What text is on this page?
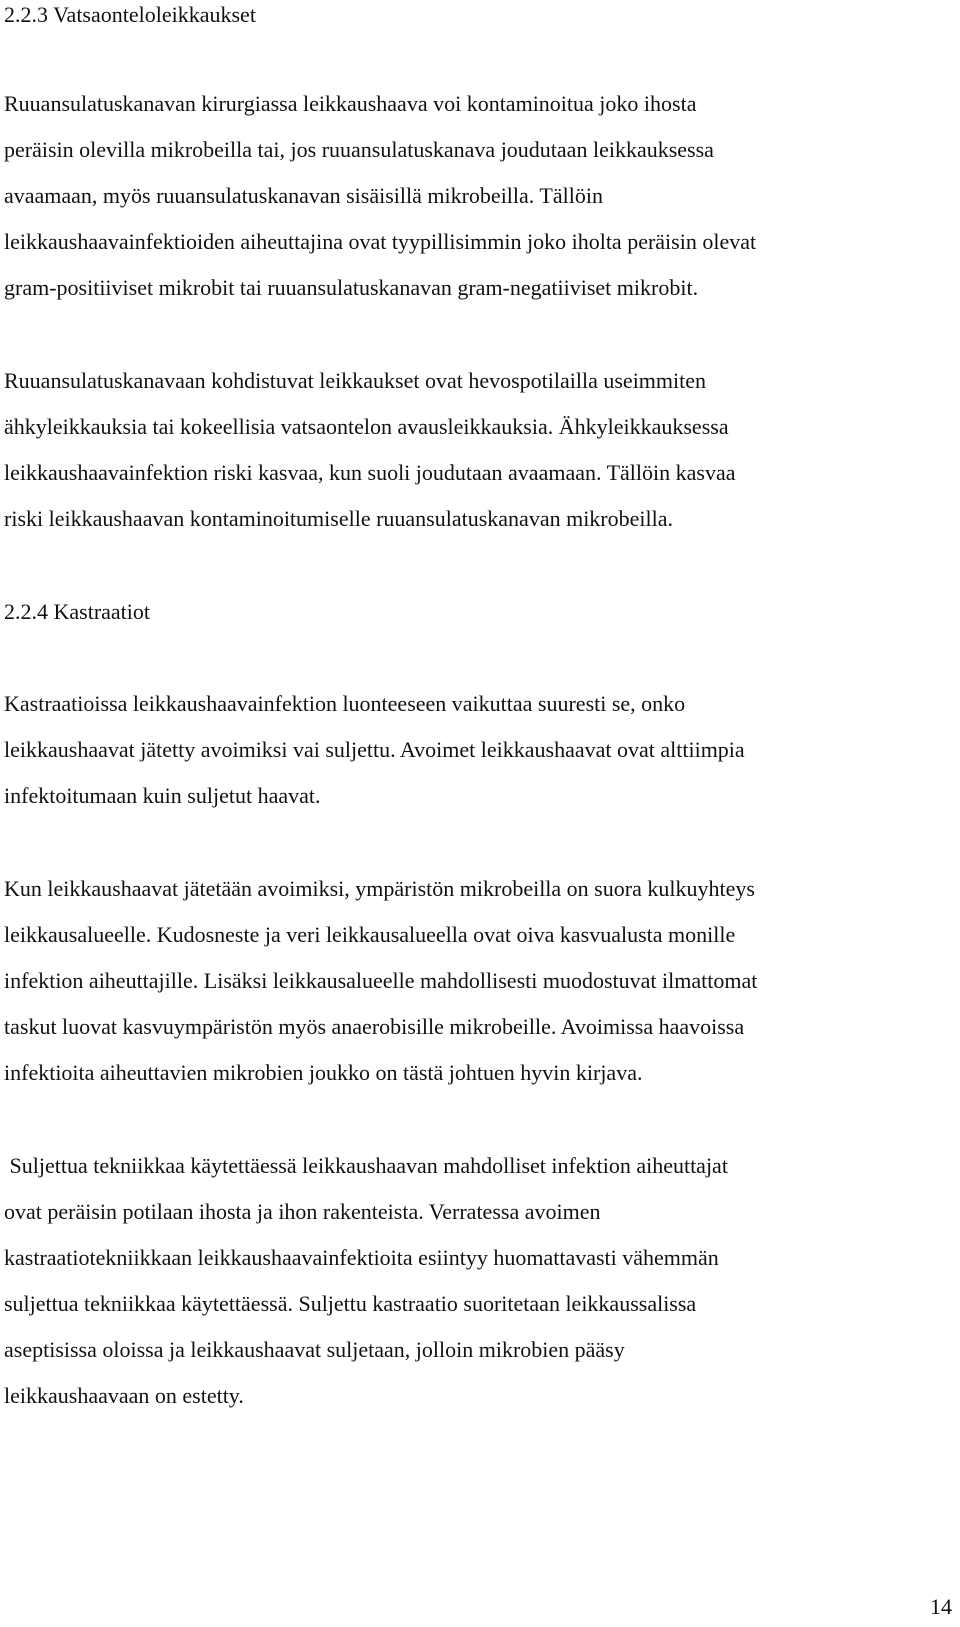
2.2.3 Vatsaonteloleikkaukset

Ruuansulatuskanavan kirurgiassa leikkaushaava voi kontaminoitua joko ihosta

peräisin olevilla mikrobeilla tai, jos ruuansulatuskanava joudutaan leikkauksessa

avaamaan, myös ruuansulatuskanavan sisäisillä mikrobeilla. Tällöin

leikkaushaavainfektioiden aiheuttajina ovat tyypillisimmin joko iholta peräisin olevat

gram-positiiviset mikrobit tai ruuansulatuskanavan gram-negatiiviset mikrobit.

Ruuansulatuskanavaan kohdistuvat leikkaukset ovat hevospotilailla useimmiten

ähkyleikkauksia tai kokeellisia vatsaontelon avausleikkauksia. Ähkyleikkauksessa

leikkaushaavainfektion riski kasvaa, kun suoli joudutaan avaamaan. Tällöin kasvaa

riski leikkaushaavan kontaminoitumiselle ruuansulatuskanavan mikrobeilla.

2.2.4 Kastraatiot

Kastraatioissa leikkaushaavainfektion luonteeseen vaikuttaa suuresti se, onko

leikkaushaavat jätetty avoimiksi vai suljettu. Avoimet leikkaushaavat ovat alttiimpia

infektoitumaan kuin suljetut haavat.

Kun leikkaushaavat jätetään avoimiksi, ympäristön mikrobeilla on suora kulkuyhteys

leikkausalueelle. Kudosneste ja veri leikkausalueella ovat oiva kasvualusta monille

infektion aiheuttajille. Lisäksi leikkausalueelle mahdollisesti muodostuvat ilmattomat

taskut luovat kasvuympäristön myös anaerobisille mikrobeille. Avoimissa haavoissa

infektioita aiheuttavien mikrobien joukko on tästä johtuen hyvin kirjava.

Suljettua tekniikkaa käytettäessä leikkaushaavan mahdolliset infektion aiheuttajat

ovat peräisin potilaan ihosta ja ihon rakenteista. Verratessa avoimen

kastraatiotekniikkaan leikkaushaavainfektioita esiintyy huomattavasti vähemmän

suljettua tekniikkaa käytettäessä. Suljettu kastraatio suoritetaan leikkaussalissa

aseptisissa oloissa ja leikkaushaavat suljetaan, jolloin mikrobien pääsy

leikkaushaavaan on estetty.

14
